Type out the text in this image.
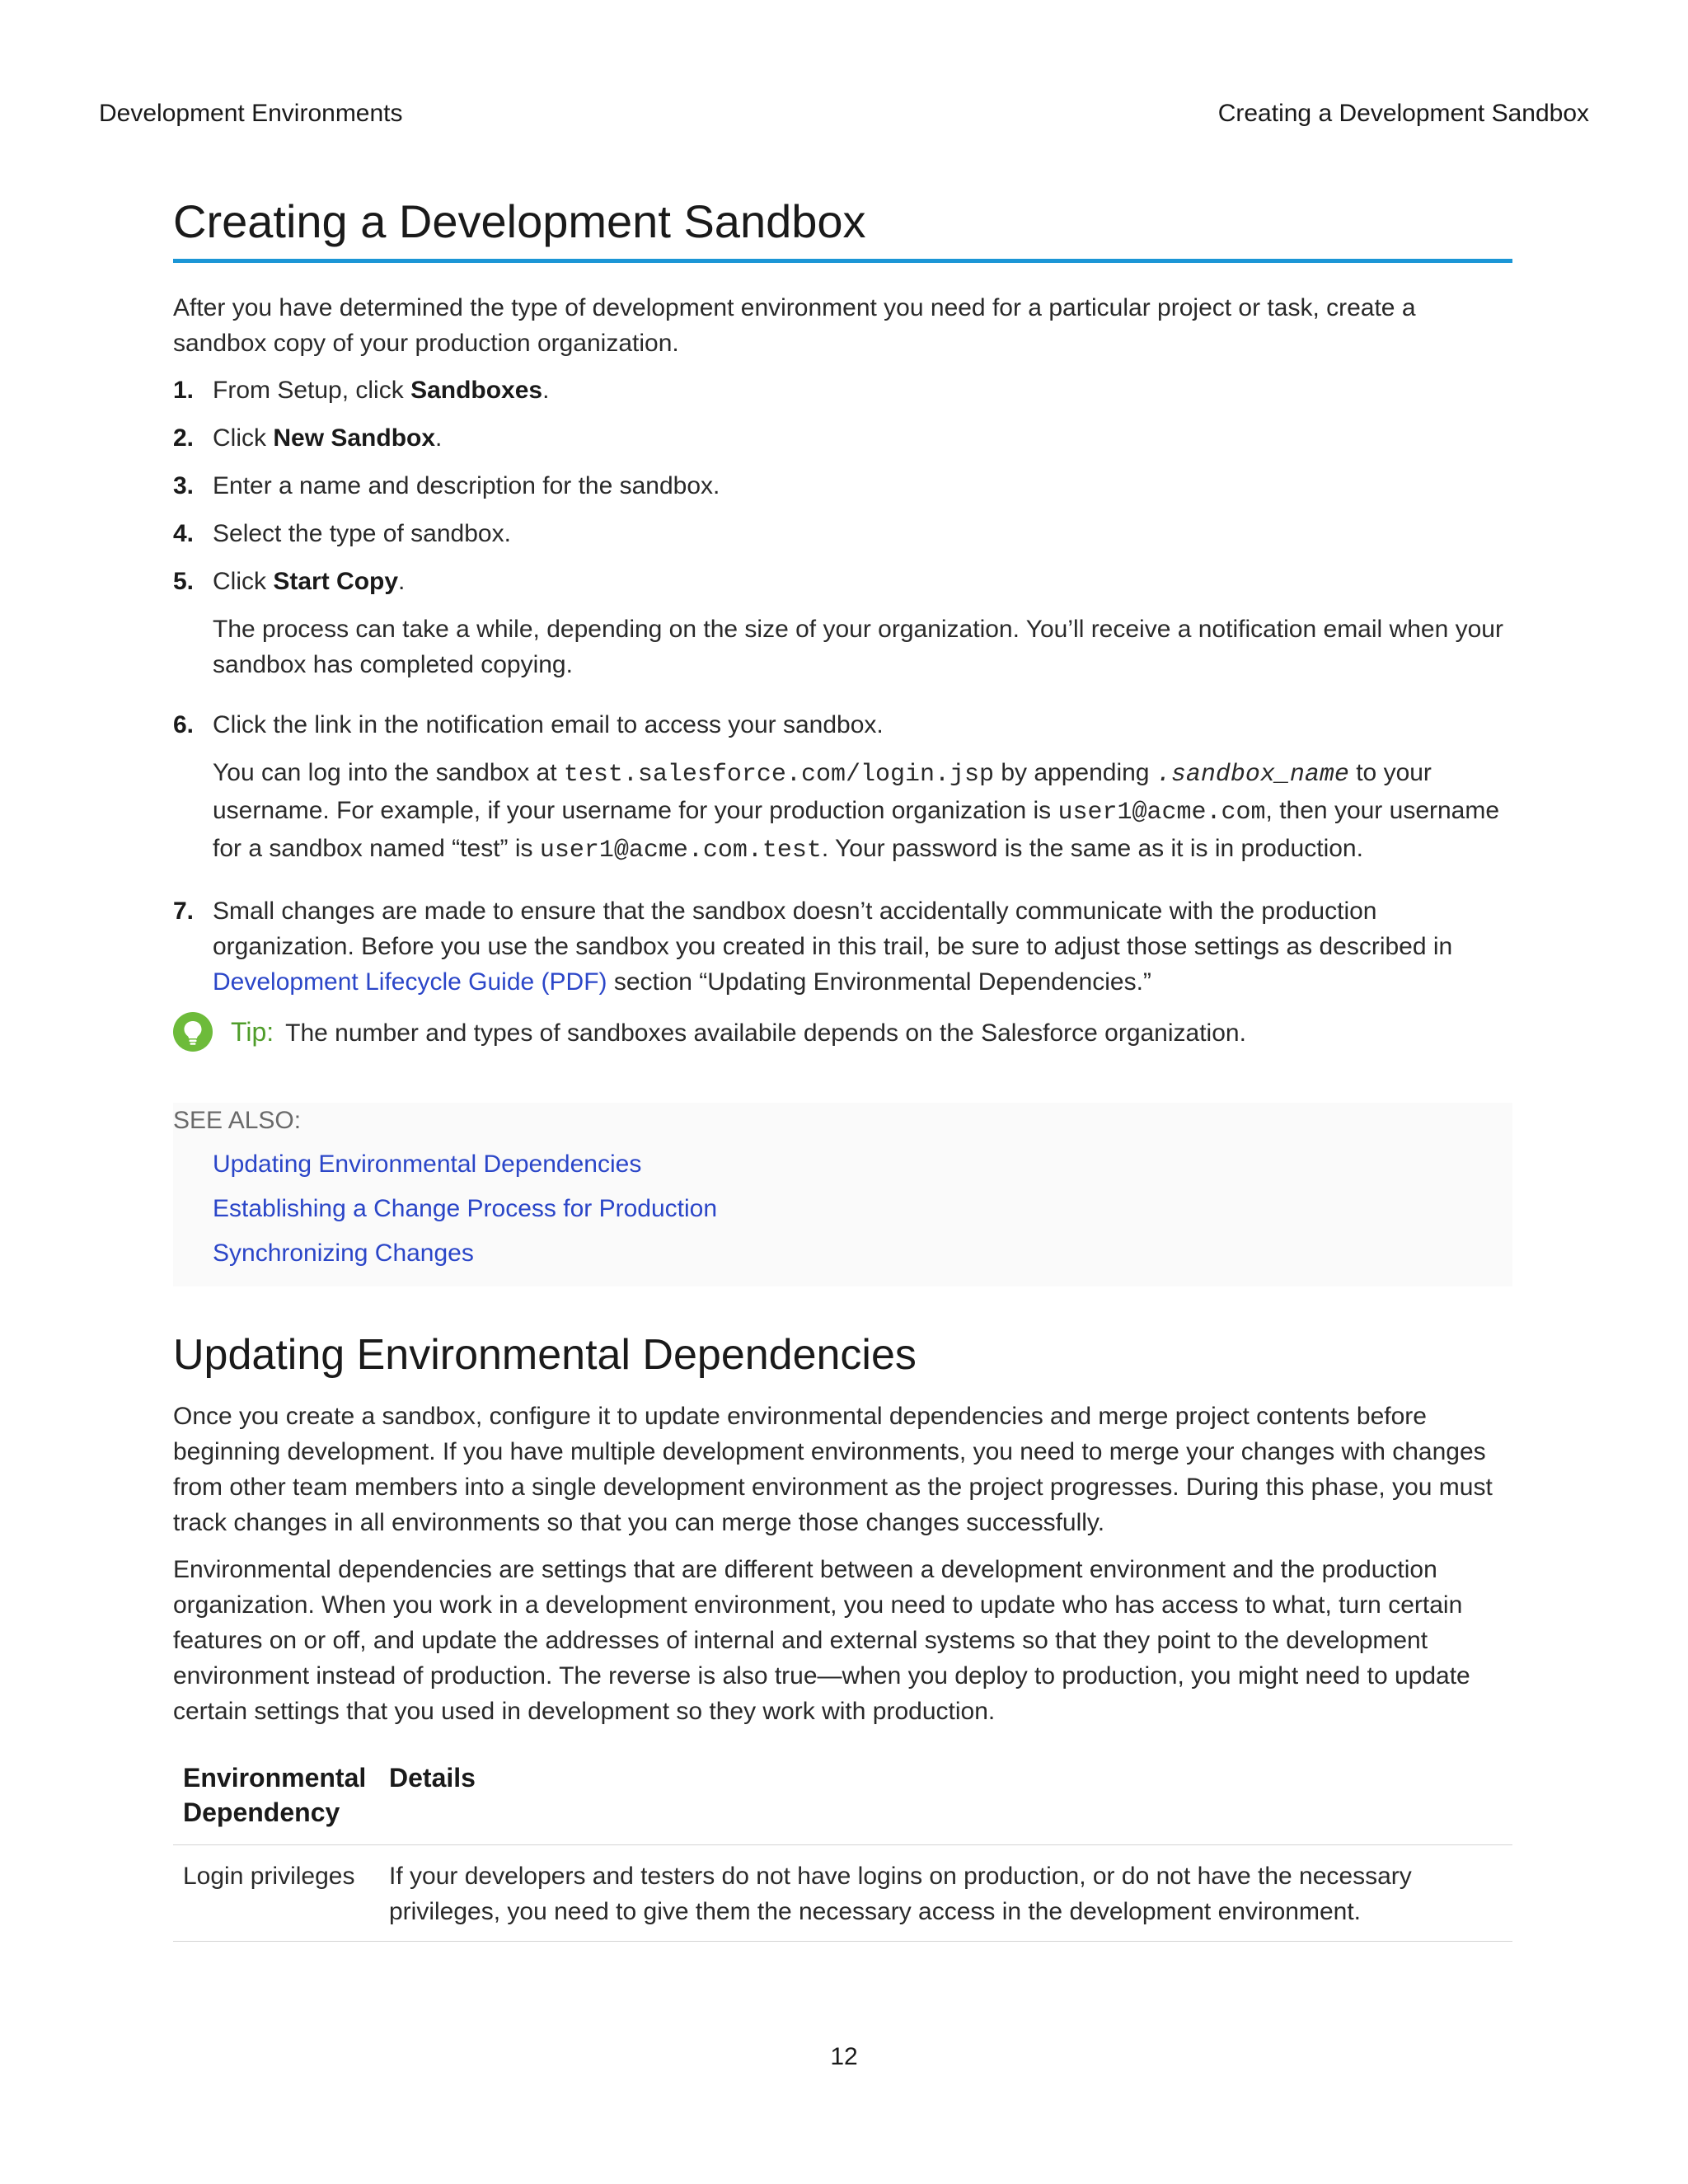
Development Environments	Creating a Development Sandbox
Creating a Development Sandbox

After you have determined the type of development environment you need for a particular project or task, create a sandbox copy of your production organization.

1. From Setup, click Sandboxes.
2. Click New Sandbox.
3. Enter a name and description for the sandbox.
4. Select the type of sandbox.
5. Click Start Copy.

The process can take a while, depending on the size of your organization. You’ll receive a notification email when your sandbox has completed copying.

6. Click the link in the notification email to access your sandbox.

You can log into the sandbox at test.salesforce.com/login.jsp by appending .sandbox_name to your username. For example, if your username for your production organization is user1@acme.com, then your username for a sandbox named “test” is user1@acme.com.test. Your password is the same as it is in production.

7. Small changes are made to ensure that the sandbox doesn’t accidentally communicate with the production organization. Before you use the sandbox you created in this trail, be sure to adjust those settings as described in Development Lifecycle Guide (PDF) section “Updating Environmental Dependencies.”
Tip: The number and types of sandboxes availabile depends on the Salesforce organization.
SEE ALSO:
Updating Environmental Dependencies
Establishing a Change Process for Production
Synchronizing Changes
Updating Environmental Dependencies

Once you create a sandbox, configure it to update environmental dependencies and merge project contents before beginning development. If you have multiple development environments, you need to merge your changes with changes from other team members into a single development environment as the project progresses. During this phase, you must track changes in all environments so that you can merge those changes successfully.

Environmental dependencies are settings that are different between a development environment and the production organization. When you work in a development environment, you need to update who has access to what, turn certain features on or off, and update the addresses of internal and external systems so that they point to the development environment instead of production. The reverse is also true—when you deploy to production, you might need to update certain settings that you used in development so they work with production.

Environmental Dependency	Details
Login privileges	If your developers and testers do not have logins on production, or do not have the necessary privileges, you need to give them the necessary access in the development environment.
12
